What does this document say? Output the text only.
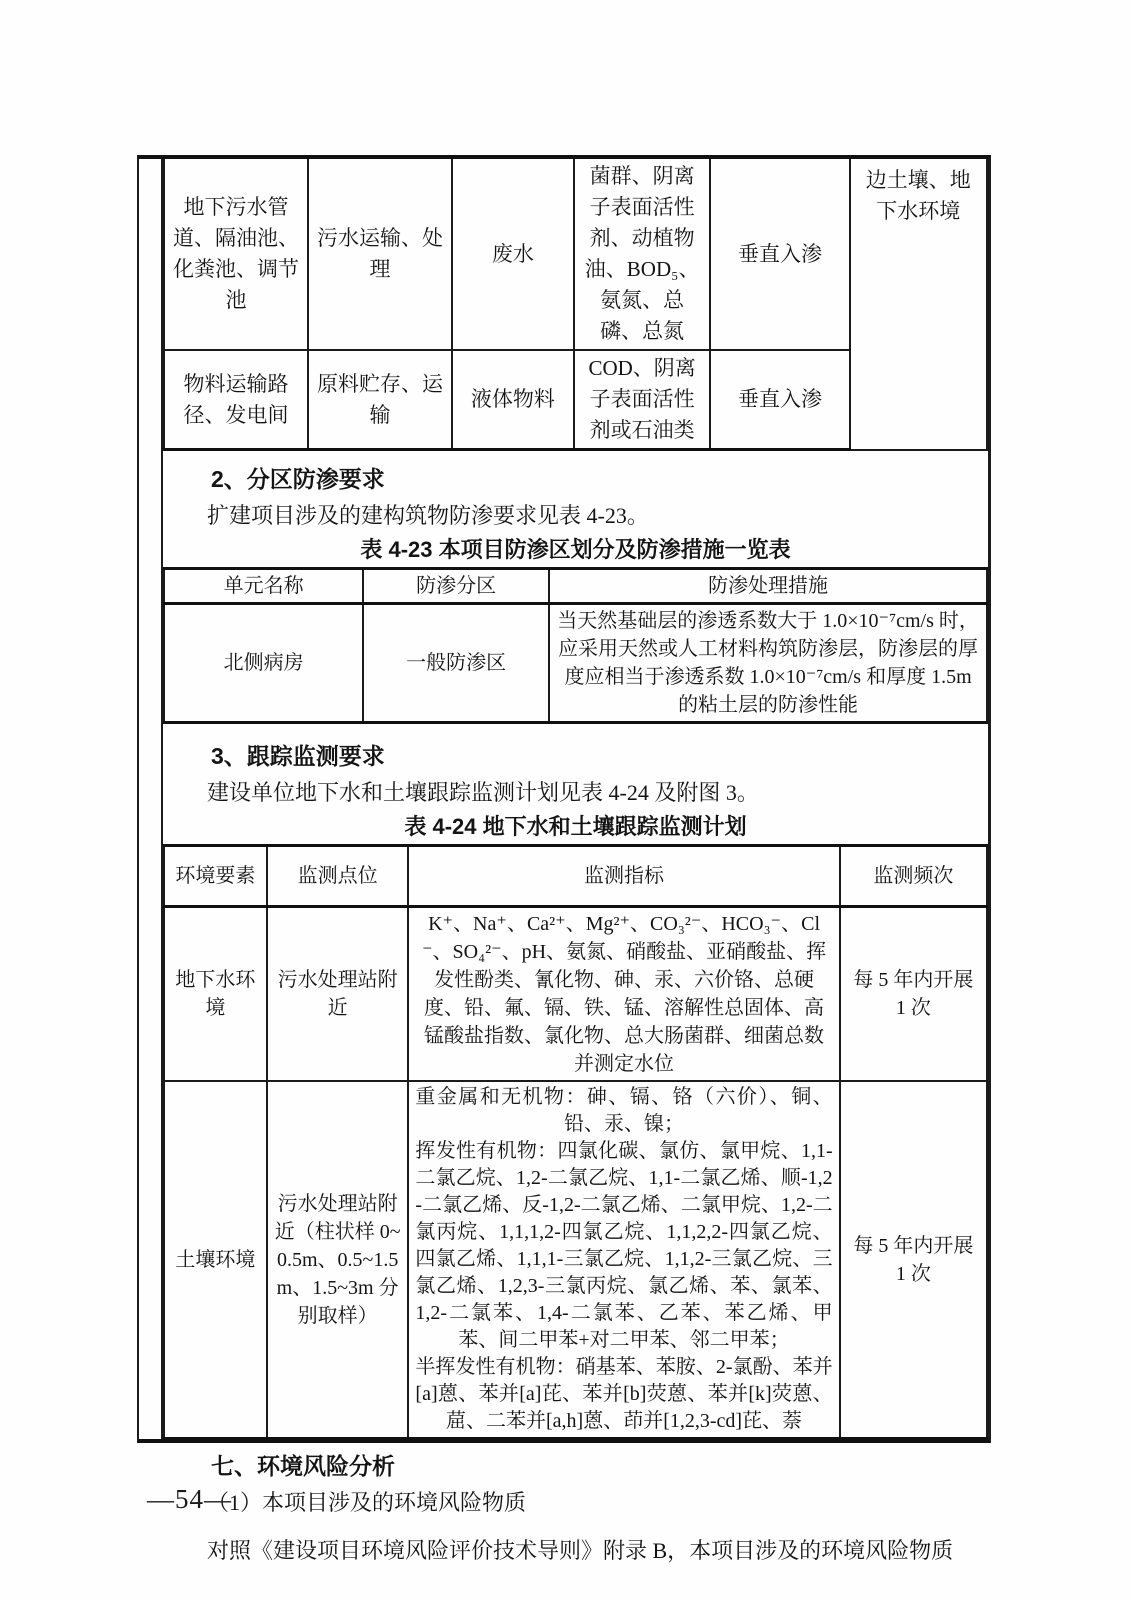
地下污水管道、隔油池、化粪池、调节池	污水运输、处理	废水	菌群、阴离子表面活性剂、动植物油、BOD₅、氨氮、总磷、总氮	垂直入渗	边土壤、地下水环境
物料运输路径、发电间	原料贮存、运输	液体物料	COD、阴离子表面活性剂或石油类	垂直入渗	
2、分区防渗要求

扩建项目涉及的建构筑物防渗要求见表 4-23。

表 4-23 本项目防渗区划分及防渗措施一览表
单元名称	防渗分区	防渗处理措施
北侧病房	一般防渗区	当天然基础层的渗透系数大于 1.0×10⁻⁷cm/s 时，应采用天然或人工材料构筑防渗层，防渗层的厚度应相当于渗透系数 1.0×10⁻⁷cm/s 和厚度 1.5m 的粘土层的防渗性能
3、跟踪监测要求

建设单位地下水和土壤跟踪监测计划见表 4-24 及附图 3。

表 4-24 地下水和土壤跟踪监测计划
环境要素	监测点位	监测指标	监测频次
地下水环境	污水处理站附近	K⁺、Na⁺、Ca²⁺、Mg²⁺、CO₃²⁻、HCO₃⁻、Cl⁻、SO₄²⁻、pH、氨氮、硝酸盐、亚硝酸盐、挥发性酚类、氰化物、砷、汞、六价铬、总硬度、铅、氟、镉、铁、锰、溶解性总固体、高锰酸盐指数、氯化物、总大肠菌群、细菌总数并测定水位	每 5 年内开展 1 次
土壤环境	污水处理站附近（柱状样 0~0.5m、0.5~1.5m、1.5~3m 分别取样）	重金属和无机物：砷、镉、铬（六价）、铜、铅、汞、镍；
挥发性有机物：四氯化碳、氯仿、氯甲烷、1,1-二氯乙烷、1,2-二氯乙烷、1,1-二氯乙烯、顺-1,2-二氯乙烯、反-1,2-二氯乙烯、二氯甲烷、1,2-二氯丙烷、1,1,1,2-四氯乙烷、1,1,2,2-四氯乙烷、四氯乙烯、1,1,1-三氯乙烷、1,1,2-三氯乙烷、三氯乙烯、1,2,3-三氯丙烷、氯乙烯、苯、氯苯、1,2-二氯苯、1,4-二氯苯、乙苯、苯乙烯、甲苯、间二甲苯+对二甲苯、邻二甲苯；
半挥发性有机物：硝基苯、苯胺、2-氯酚、苯并[a]蒽、苯并[a]芘、苯并[b]荧蒽、苯并[k]荧蒽、䓛、二苯并[a,h]蒽、茚并[1,2,3-cd]芘、萘	每 5 年内开展 1 次
七、环境风险分析

（1）本项目涉及的环境风险物质

对照《建设项目环境风险评价技术导则》附录 B，本项目涉及的环境风险物质

—54—
